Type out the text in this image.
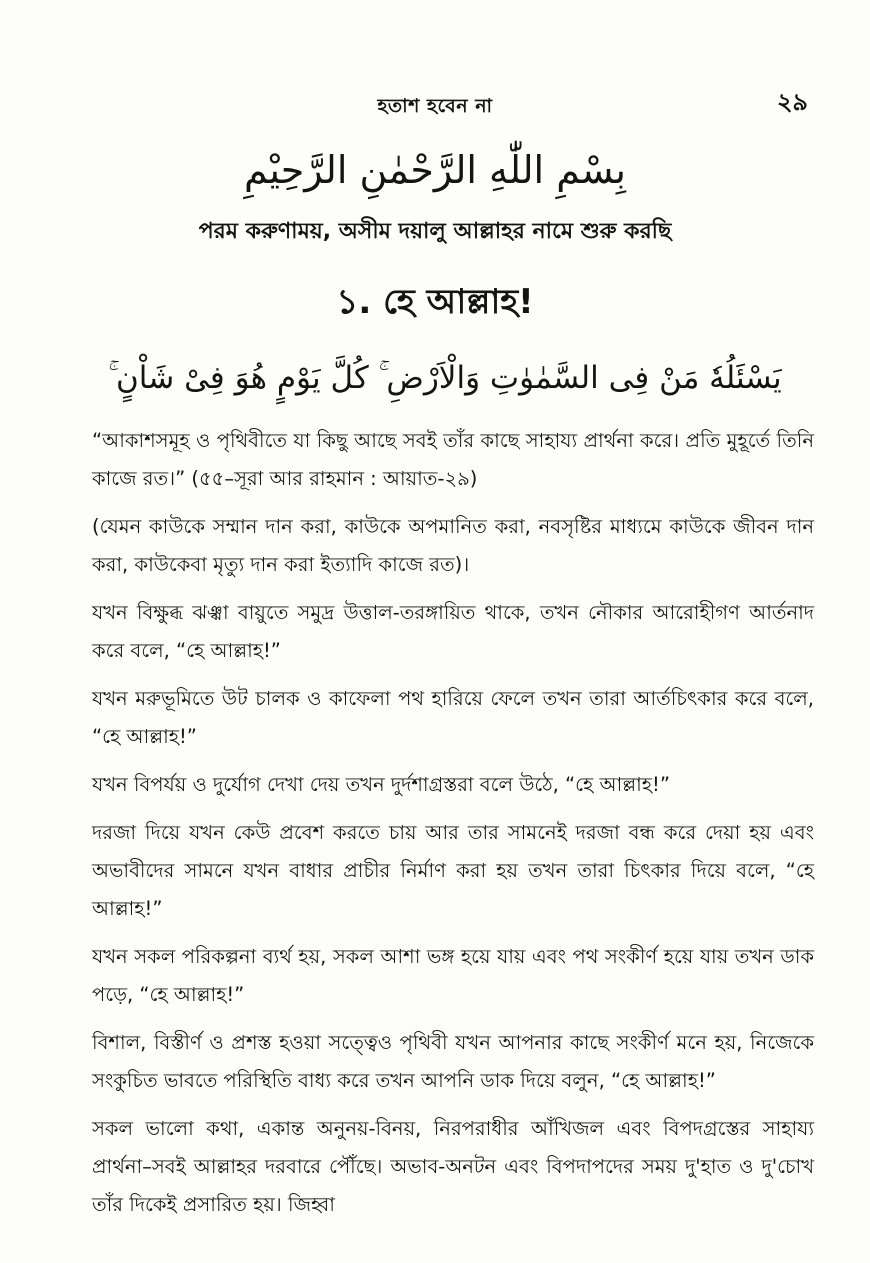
হতাশ হবেন না	২৯
بِسْمِ اللّٰهِ الرَّحْمٰنِ الرَّحِيْمِ
পরম করুণাময়, অসীম দয়ালু আল্লাহর নামে শুরু করছি
১. হে আল্লাহ!
يَسْئَلُهٗ مَنْ فِى السَّمٰوٰتِ وَالْاَرْضِ ۚ كُلَّ يَوْمٍ هُوَ فِىْ شَاْنٍ ۚ

“আকাশসমূহ ও পৃথিবীতে যা কিছু আছে সবই তাঁর কাছে সাহায্য প্রার্থনা করে। প্রতি মুহূর্তে তিনি কাজে রত।” (৫৫–সূরা আর রাহমান : আয়াত-২৯)

(যেমন কাউকে সম্মান দান করা, কাউকে অপমানিত করা, নবসৃষ্টির মাধ্যমে কাউকে জীবন দান করা, কাউকেবা মৃত্যু দান করা ইত্যাদি কাজে রত)।

যখন বিক্ষুব্ধ ঝঞ্ঝা বায়ুতে সমুদ্র উত্তাল-তরঙ্গায়িত থাকে, তখন নৌকার আরোহীগণ আর্তনাদ করে বলে, “হে আল্লাহ!”

যখন মরুভূমিতে উট চালক ও কাফেলা পথ হারিয়ে ফেলে তখন তারা আর্তচিৎকার করে বলে, “হে আল্লাহ!”

যখন বিপর্যয় ও দুর্যোগ দেখা দেয় তখন দুর্দশাগ্রস্তরা বলে উঠে, “হে আল্লাহ!”

দরজা দিয়ে যখন কেউ প্রবেশ করতে চায় আর তার সামনেই দরজা বন্ধ করে দেয়া হয় এবং অভাবীদের সামনে যখন বাধার প্রাচীর নির্মাণ করা হয় তখন তারা চিৎকার দিয়ে বলে, “হে আল্লাহ!”

যখন সকল পরিকল্পনা ব্যর্থ হয়, সকল আশা ভঙ্গ হয়ে যায় এবং পথ সংকীর্ণ হয়ে যায় তখন ডাক পড়ে, “হে আল্লাহ!”

বিশাল, বিস্তীর্ণ ও প্রশস্ত হওয়া সত্ত্বেও পৃথিবী যখন আপনার কাছে সংকীর্ণ মনে হয়, নিজেকে সংকুচিত ভাবতে পরিস্থিতি বাধ্য করে তখন আপনি ডাক দিয়ে বলুন, “হে আল্লাহ!”

সকল ভালো কথা, একান্ত অনুনয়-বিনয়, নিরপরাধীর আঁখিজল এবং বিপদগ্রস্তের সাহায্য প্রার্থনা–সবই আল্লাহর দরবারে পৌঁছে। অভাব-অনটন এবং বিপদাপদের সময় দু'হাত ও দু'চোখ তাঁর দিকেই প্রসারিত হয়। জিহ্বা
